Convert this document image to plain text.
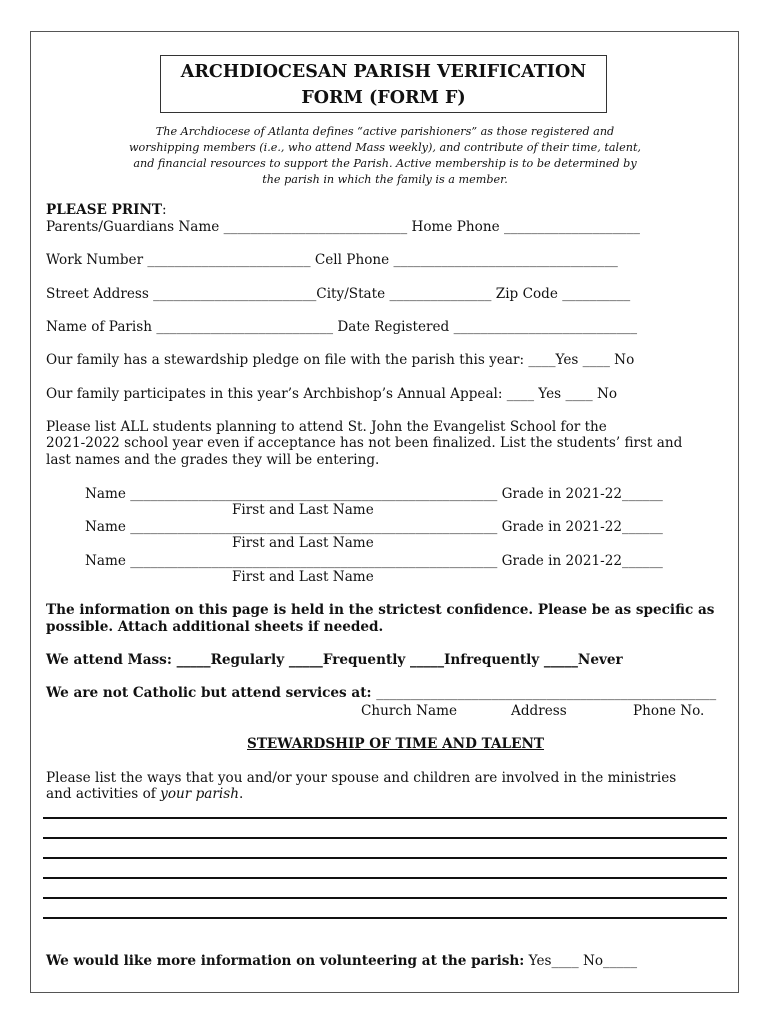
ARCHDIOCESAN PARISH VERIFICATION
FORM (FORM F)
The Archdiocese of Atlanta defines “active parishioners” as those registered and
worshipping members (i.e., who attend Mass weekly), and contribute of their time, talent,
and financial resources to support the Parish. Active membership is to be determined by
the parish in which the family is a member.
PLEASE PRINT:
Parents/Guardians Name ___________________________ Home Phone ____________________
Work Number ________________________ Cell Phone _________________________________
Street Address ________________________City/State _______________ Zip Code __________
Name of Parish __________________________ Date Registered ___________________________
Our family has a stewardship pledge on file with the parish this year: ____Yes ____ No
Our family participates in this year’s Archbishop’s Annual Appeal: ____ Yes ____ No
Please list ALL students planning to attend St. John the Evangelist School for the
2021-2022 school year even if acceptance has not been finalized. List the students’ first and
last names and the grades they will be entering.
Name ______________________________________________________ Grade in 2021-22______
First and Last Name
Name ______________________________________________________ Grade in 2021-22______
First and Last Name
Name ______________________________________________________ Grade in 2021-22______
First and Last Name
The information on this page is held in the strictest confidence. Please be as specific as
possible. Attach additional sheets if needed.
We attend Mass: _____Regularly _____Frequently _____Infrequently _____Never
We are not Catholic but attend services at: __________________________________________________
Church Name	Address	Phone No.
STEWARDSHIP OF TIME AND TALENT
Please list the ways that you and/or your spouse and children are involved in the ministries
and activities of your parish.
We would like more information on volunteering at the parish: Yes____ No_____
